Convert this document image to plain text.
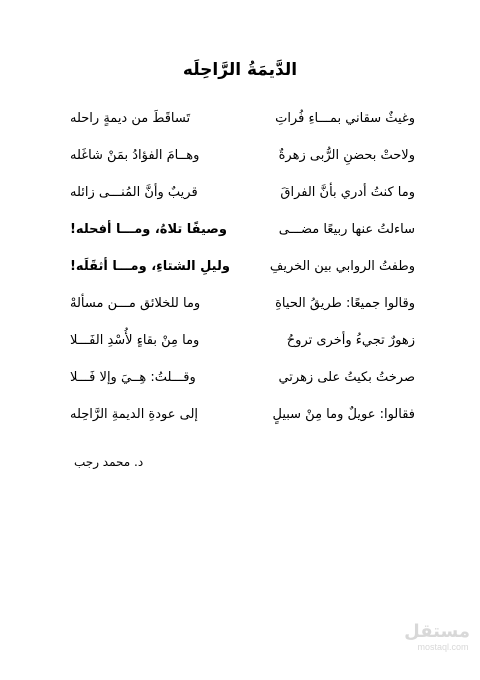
الدَّيمَةُ الرَّاحِلَه
وغيثٌ سقاني بمـــاءِ فُراتِ
تَساقَطَ من ديمةٍ راحله
ولاحتْ بحضنِ الرُّبى زهرةٌ
وهــامَ الفؤادُ بمَنْ شاغَله
وما كنتُ أدري بأنَّ الفراقَ
قريبٌ وأنَّ المُنـــى زائله
ساءلتُ عنها ربيعًا مضـــى
وصيفًا تلاهُ، ومـــا أفحله!
وطفتُ الروابي بين الخريفِ
وليلِ الشتاءِ، ومـــا أثقَلَه!
وقالوا جميعًا: طريقُ الحياةِ
وما للخلائق مـــن مسألهْ
زهورٌ تجيءُ وأخرى تروحُ
وما مِنْ بقاءٍ لأُسْدِ الفَـــلا
صرختُ بكيتُ على زهرتي
وقـــلتُ: هِــيَ وإلا فَـــلا
فقالوا: عويلٌ وما مِنْ سبيلٍ
إلى عودةِ الديمةِ الرَّاحِله
د. محمد رجب
مستقل
mostaql.com
